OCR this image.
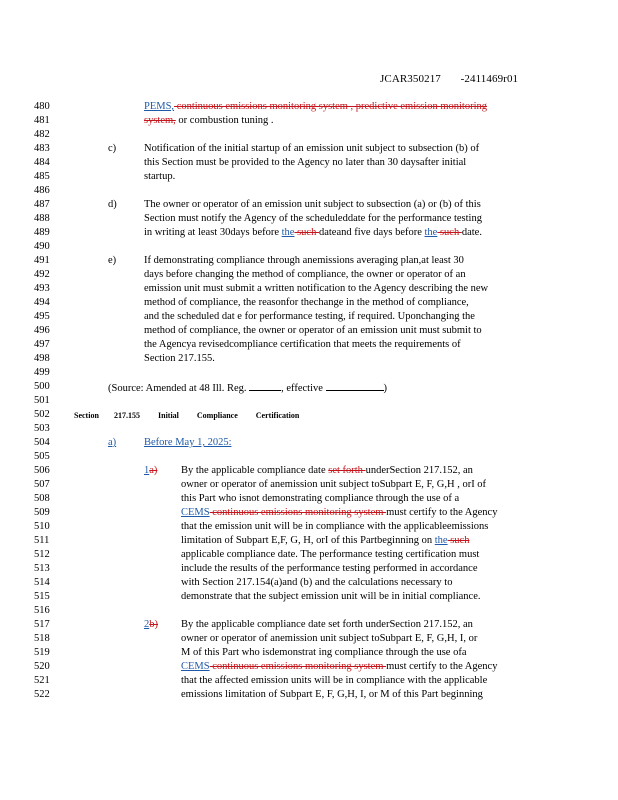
JCAR350217 -2411469r01
480
481
482
483
484
485
486
487
488
489
490
491
492
493
494
495
496
497
498
499
500
501
502
503
504
505
506
507
508
509
510
511
512
513
514
515
516
517
518
519
520
521
522
PEMS, continuous emissions monitoring system , predictive emission monitoring
system, or combustion tuning .
c)	Notification of the initial startup of an emission unit subject to subsection (b) of
this Section must be provided to the Agency no later than 30 daysafter initial
startup.
d)	The owner or operator of an emission unit subject to subsection (a) or (b) of this
Section must notify the Agency of the scheduleddate for the performance testing
in writing at least 30days before the such dateand five days before the such date.
e)	If demonstrating compliance through anemissions averaging plan,at least 30
days before changing the method of compliance, the owner or operator of an
emission unit must submit a written notification to the Agency describing the new
method of compliance, the reasonfor thechange in the method of compliance,
and the scheduled dat e for performance testing, if required. Uponchanging the
method of compliance, the owner or operator of an emission unit must submit to
the Agencya revisedcompliance certification that meets the requirements of
Section 217.155.
(Source: Amended at 48 Ill. Reg.	, effective	)
Section 217.155 Initial Compliance Certification
a)	Before May 1, 2025:
1a) By the applicable compliance date set forth underSection 217.152, an
owner or operator of anemission unit subject toSubpart E, F, G,H , orI of
this Part who isnot demonstrating compliance through the use of a
CEMS continuous emissions monitoring system must certify to the Agency
that the emission unit will be in compliance with the applicableemissions
limitation of Subpart E,F, G, H, orI of this Partbeginning on the such
applicable compliance date. The performance testing certification must
include the results of the performance testing performed in accordance
with Section 217.154(a)and (b) and the calculations necessary to
demonstrate that the subject emission unit will be in initial compliance.
2b) By the applicable compliance date set forth underSection 217.152, an
owner or operator of anemission unit subject toSubpart E, F, G,H, I, or
M of this Part who isdemonstrat ing compliance through the use ofa
CEMS continuous emissions monitoring system must certify to the Agency
that the affected emission units will be in compliance with the applicable
emissions limitation of Subpart E, F, G,H, I, or M of this Part beginning
